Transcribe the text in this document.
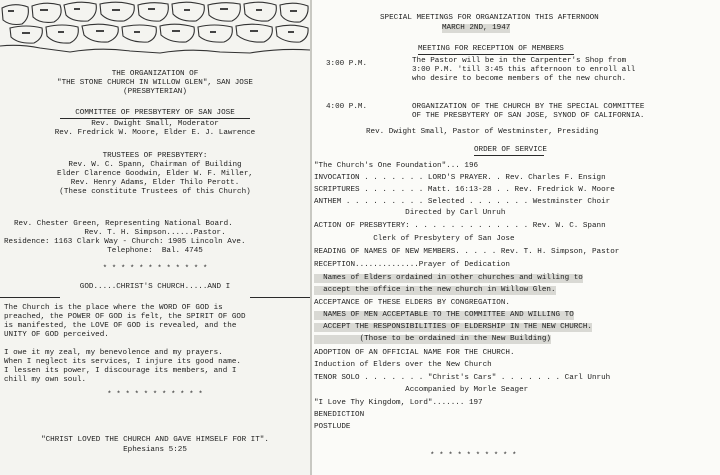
THE ORGANIZATION OF
"THE STONE CHURCH IN WILLOW GLEN", SAN JOSE
(PRESBYTERIAN)
COMMITTEE OF PRESBYTERY OF SAN JOSE
Rev. Dwight Small, Moderator
Rev. Fredrick W. Moore, Elder E. J. Lawrence
TRUSTEES OF PRESBYTERY:
Rev. W. C. Spann, Chairman of Building
Elder Clarence Goodwin, Elder W. F. Miller,
Rev. Henry Adams, Elder Thilo Perott.
(These constitute Trustees of this Church)
Rev. Chester Green, Representing National Board.
Rev. T. H. Simpson......Pastor.
Residence: 1163 Clark Way - Church: 1905 Lincoln Ave.
Telephone:  Bal. 4745
* * * * * * * * * * * *
GOD.....CHRIST'S CHURCH.....AND I
The Church is the place where the WORD OF GOD is
preached, the POWER OF GOD is felt, the SPIRIT OF GOD
is manifested, the LOVE OF GOD is revealed, and the
UNITY OF GOD perceived.
I owe it my zeal, my benevolence and my prayers.
When I neglect its services, I injure its good name.
I lessen its power, I discourage its members, and I
chill my own soul.
* * * * * * * * * * *
"CHRIST LOVED THE CHURCH AND GAVE HIMSELF FOR IT".
Ephesians 5:25
SPECIAL MEETINGS FOR ORGANIZATION THIS AFTERNOON
MARCH 2ND, 1947
MEETING FOR RECEPTION OF MEMBERS
3:00 P.M.	The Pastor will be in the Carpenter's Shop from
3:00 P.M. 'till 3:45 this afternoon to enroll all
who desire to become members of the new church.
4:00 P.M.	ORGANIZATION OF THE CHURCH BY THE SPECIAL COMMITTEE
OF THE PRESBYTERY OF SAN JOSE, SYNOD OF CALIFORNIA.
Rev. Dwight Small, Pastor of Westminster, Presiding
ORDER OF SERVICE
"The Church's One Foundation"... 196
INVOCATION . . . . . . . LORD'S PRAYER. . Rev. Charles F. Ensign
SCRIPTURES . . . . . . . Matt. 16:13-28 . . Rev. Fredrick W. Moore
ANTHEM . . . . . . . . . Selected . . . . . . . Westminster Choir
Directed by Carl Unruh
ACTION OF PRESBYTERY: . . . . . . . . . . . . . Rev. W. C. Spann
Clerk of Presbytery of San Jose
READING OF NAMES OF NEW MEMBERS. . . . . Rev. T. H. Simpson, Pastor
RECEPTION..............Prayer of Dedication
Names of Elders ordained in other churches and willing to
accept the office in the new church in Willow Glen.
ACCEPTANCE OF THESE ELDERS BY CONGREGATION.
NAMES OF MEN ACCEPTABLE TO THE COMMITTEE AND WILLING TO
ACCEPT THE RESPONSIBILITIES OF ELDERSHIP IN THE NEW CHURCH.
(Those to be ordained in the New Building)
ADOPTION OF AN OFFICIAL NAME FOR THE CHURCH.
Induction of Elders over the New Church
TENOR SOLO . . . . . . . "Christ's Cars" . . . . . . . Carl Unruh
Accompanied by Morle Seager
"I Love Thy Kingdom, Lord"....... 197
BENEDICTION
POSTLUDE
* * * * * * * * * *
